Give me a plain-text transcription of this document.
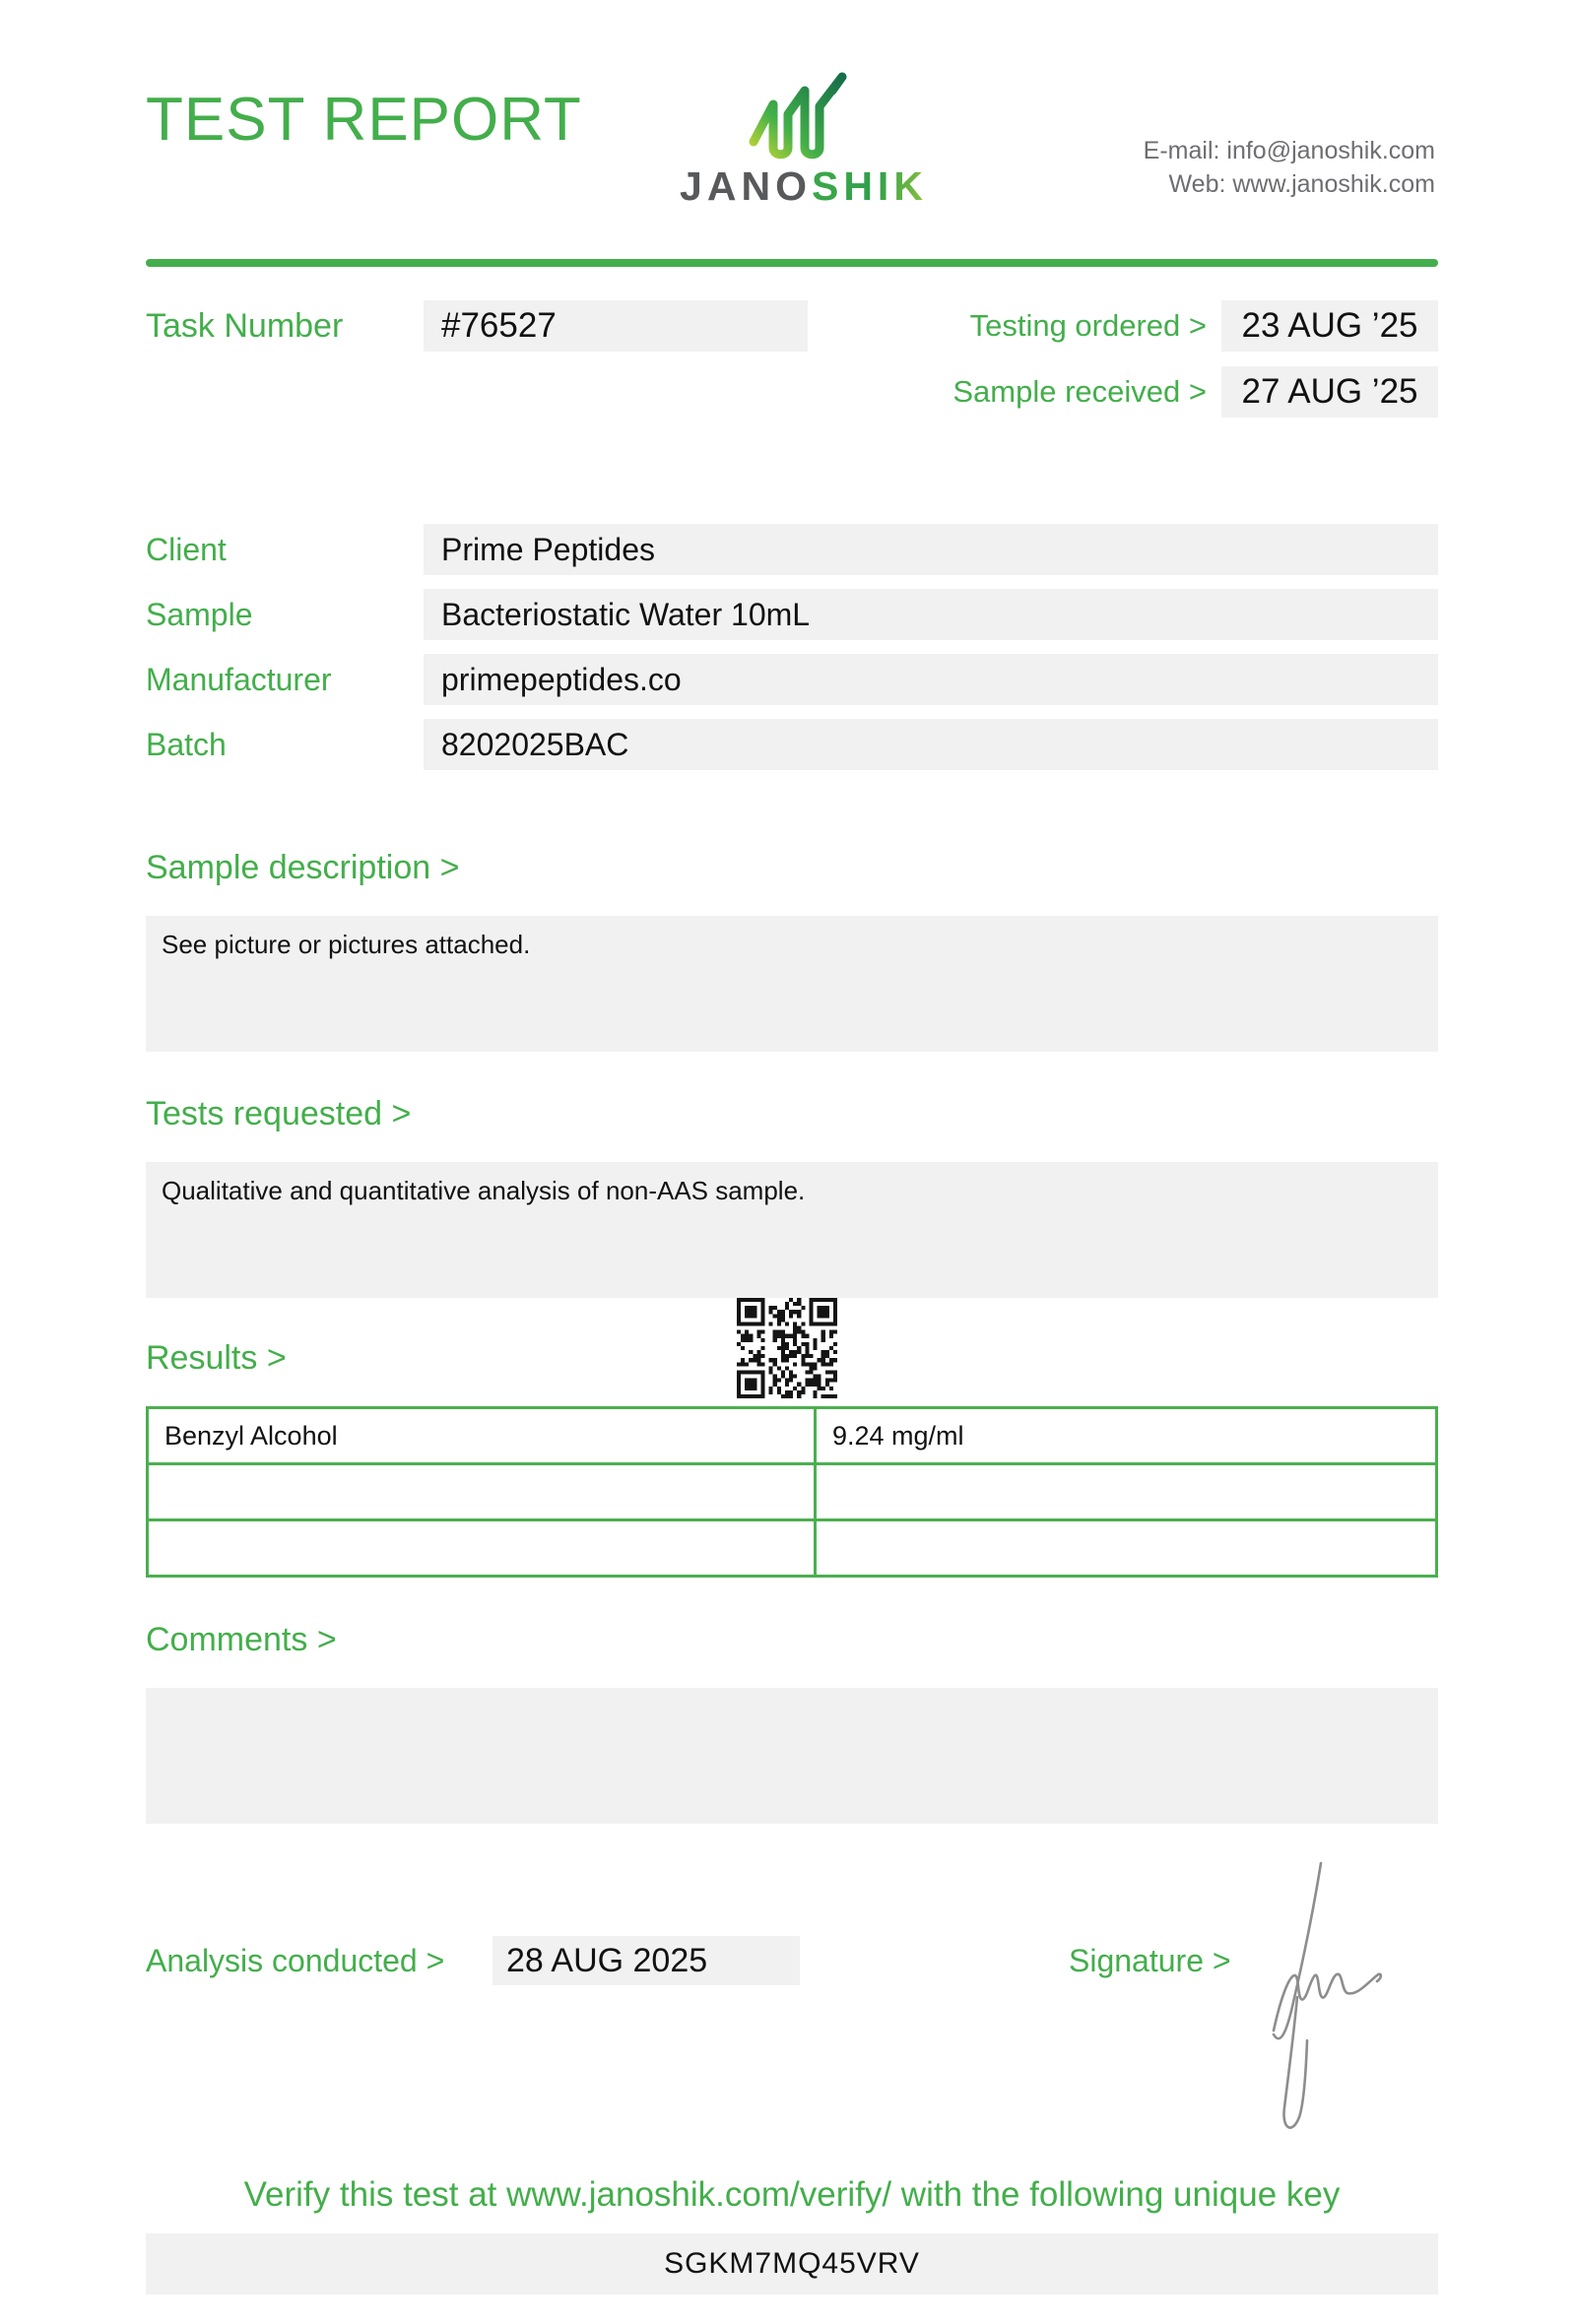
TEST REPORT
JANOSHIK
E-mail: info@janoshik.com
Web: www.janoshik.com
Task Number	#76527	Testing ordered >	23 AUG ’25
Sample received >	27 AUG ’25
Client	Prime Peptides
Sample	Bacteriostatic Water 10mL
Manufacturer	primepeptides.co
Batch	8202025BAC
Sample description >
See picture or pictures attached.
Tests requested >
Qualitative and quantitative analysis of non-AAS sample.
Results >
Benzyl Alcohol	9.24 mg/ml

Comments >
Analysis conducted >	28 AUG 2025	Signature >
Verify this test at www.janoshik.com/verify/ with the following unique key
SGKM7MQ45VRV
